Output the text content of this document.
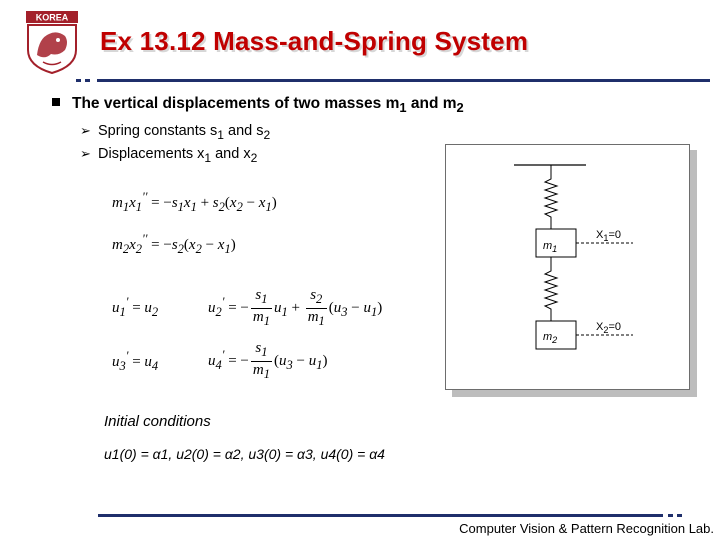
KOREA
Ex 13.12 Mass-and-Spring System
The vertical displacements of two masses $m_1$ and $m_2$
➢ Spring constants $s_1$ and $s_2$
➢ Displacements $x_1$ and $x_2$
$m_1x_1'' = -s_1x_1 + s_2(x_2 - x_1)$
$m_2x_2'' = -s_2(x_2 - x_1)$
$u_1' = u_2$	$u_2'$ = − $\frac{s_1}{m_1} u_1 + \frac{s_2}{m_1} (u_3 - u_1)$
$u_3' = u_4$	$u_4'$ = − $\frac{s_1}{m_1} (u_3 - u_1)$
$m_1$
$m_2$
$X_1=0$
$X_2=0$
Initial conditions
u1(0) = α1, u2(0) = α2, u3(0) = α3, u4(0) = α4
Computer Vision & Pattern Recognition Lab.
